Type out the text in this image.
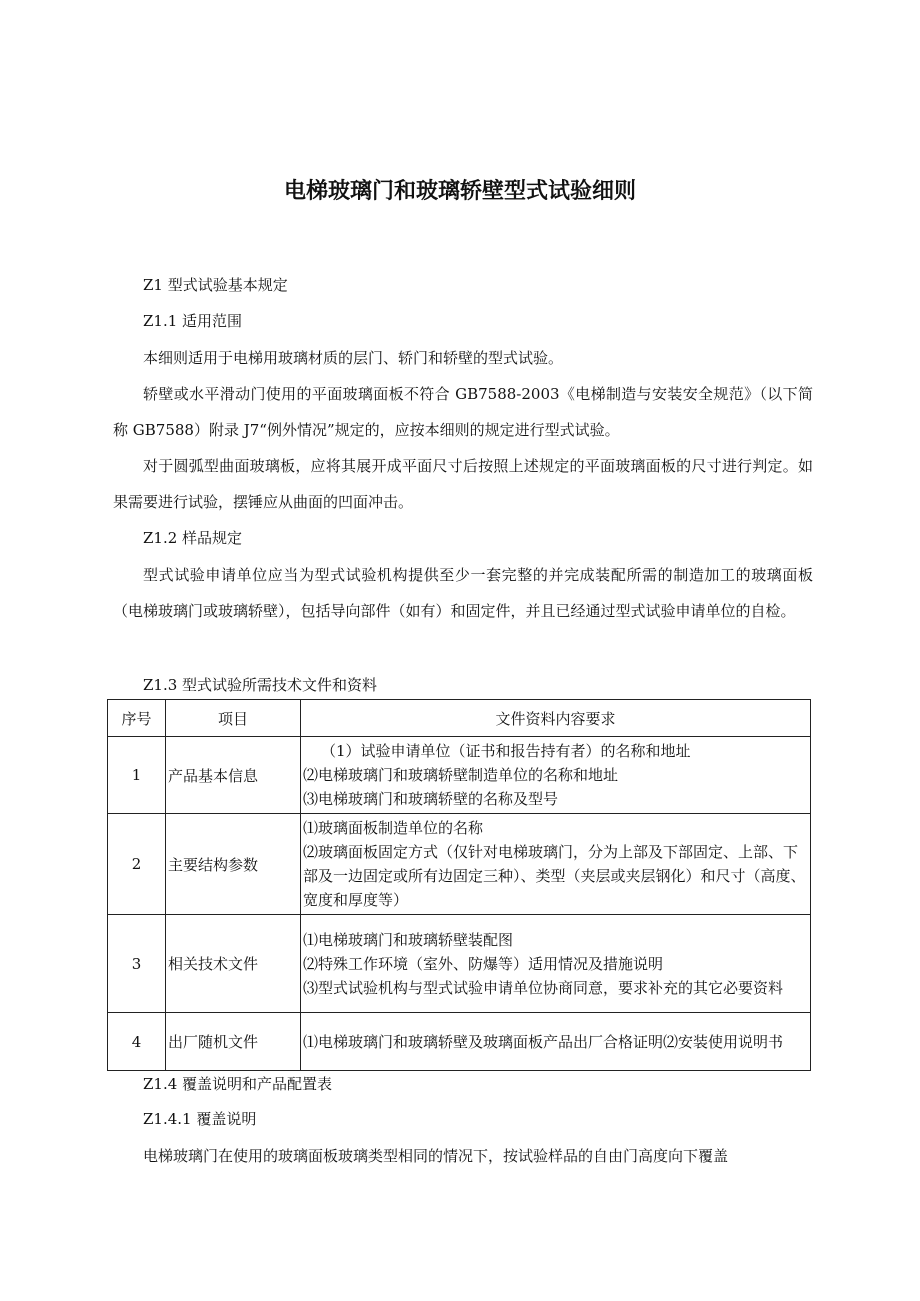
电梯玻璃门和玻璃轿壁型式试验细则
Z1 型式试验基本规定
Z1.1 适用范围
本细则适用于电梯用玻璃材质的层门、轿门和轿壁的型式试验。
轿壁或水平滑动门使用的平面玻璃面板不符合 GB7588-2003《电梯制造与安装安全规范》（以下简称 GB7588）附录 J7“例外情况”规定的，应按本细则的规定进行型式试验。
对于圆弧型曲面玻璃板，应将其展开成平面尺寸后按照上述规定的平面玻璃面板的尺寸进行判定。如果需要进行试验，摆锤应从曲面的凹面冲击。
Z1.2 样品规定
型式试验申请单位应当为型式试验机构提供至少一套完整的并完成装配所需的制造加工的玻璃面板（电梯玻璃门或玻璃轿壁），包括导向部件（如有）和固定件，并且已经通过型式试验申请单位的自检。
Z1.3 型式试验所需技术文件和资料
序号	项目	文件资料内容要求
1	产品基本信息	（1）试验申请单位（证书和报告持有者）的名称和地址
⑵电梯玻璃门和玻璃轿壁制造单位的名称和地址
⑶电梯玻璃门和玻璃轿壁的名称及型号

2	主要结构参数	⑴玻璃面板制造单位的名称
⑵玻璃面板固定方式（仅针对电梯玻璃门，分为上部及下部固定、上部、下部及一边固定或所有边固定三种）、类型（夹层或夹层钢化）和尺寸（高度、宽度和厚度等）

3	相关技术文件	⑴电梯玻璃门和玻璃轿壁装配图
⑵特殊工作环境（室外、防爆等）适用情况及措施说明
⑶型式试验机构与型式试验申请单位协商同意，要求补充的其它必要资料

4	出厂随机文件	⑴电梯玻璃门和玻璃轿壁及玻璃面板产品出厂合格证明⑵安装使用说明书
Z1.4 覆盖说明和产品配置表
Z1.4.1 覆盖说明
电梯玻璃门在使用的玻璃面板玻璃类型相同的情况下，按试验样品的自由门高度向下覆盖
